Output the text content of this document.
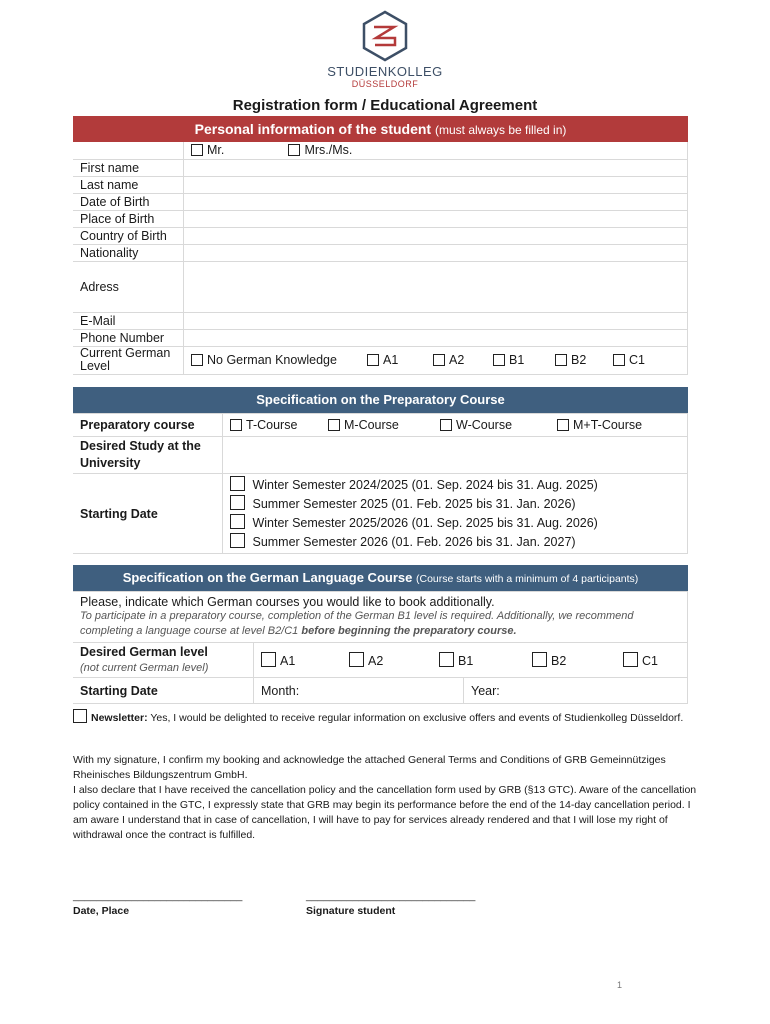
STUDIENKOLLEG
DÜSSELDORF
Registration form / Educational Agreement
Personal information of the student (must always be filled in)
	Mr. Mrs./Ms.
First name	
Last name	
Date of Birth	
Place of Birth	
Country of Birth	
Nationality	
Adress	
E-Mail	
Phone Number	
Current German Level	No German Knowledge A1 A2 B1 B2 C1
Specification on the Preparatory Course
Preparatory course	T-Course M-Course W-Course M+T-Course
Desired Study at the University	
Starting Date	Winter Semester 2024/2025 (01. Sep. 2024 bis 31. Aug. 2025)
Summer Semester 2025 (01. Feb. 2025 bis 31. Jan. 2026)
Winter Semester 2025/2026 (01. Sep. 2025 bis 31. Aug. 2026)
Summer Semester 2026 (01. Feb. 2026 bis 31. Jan. 2027)
Specification on the German Language Course (Course starts with a minimum of 4 participants)
Please, indicate which German courses you would like to book additionally.
To participate in a preparatory course, completion of the German B1 level is required. Additionally, we recommend completing a language course at level B2/C1 before beginning the preparatory course.		

Desired German level
(not current German level)	A1 A2 B1 B2 C1	
Starting Date	Month:	Year:
Newsletter: Yes, I would be delighted to receive regular information on exclusive offers and events of Studienkolleg Düsseldorf.
With my signature, I confirm my booking and acknowledge the attached General Terms and Conditions of GRB Gemeinnütziges Rheinisches Bildungszentrum GmbH.
I also declare that I have received the cancellation policy and the cancellation form used by GRB (§13 GTC). Aware of the cancellation policy contained in the GTC, I expressly state that GRB may begin its performance before the end of the 14-day cancellation period. I am aware I understand that in case of cancellation, I will have to pay for services already rendered and that I will lose my right of withdrawal once the contract is fulfilled.
_____________________________
Date, Place
_____________________________
Signature student
1
